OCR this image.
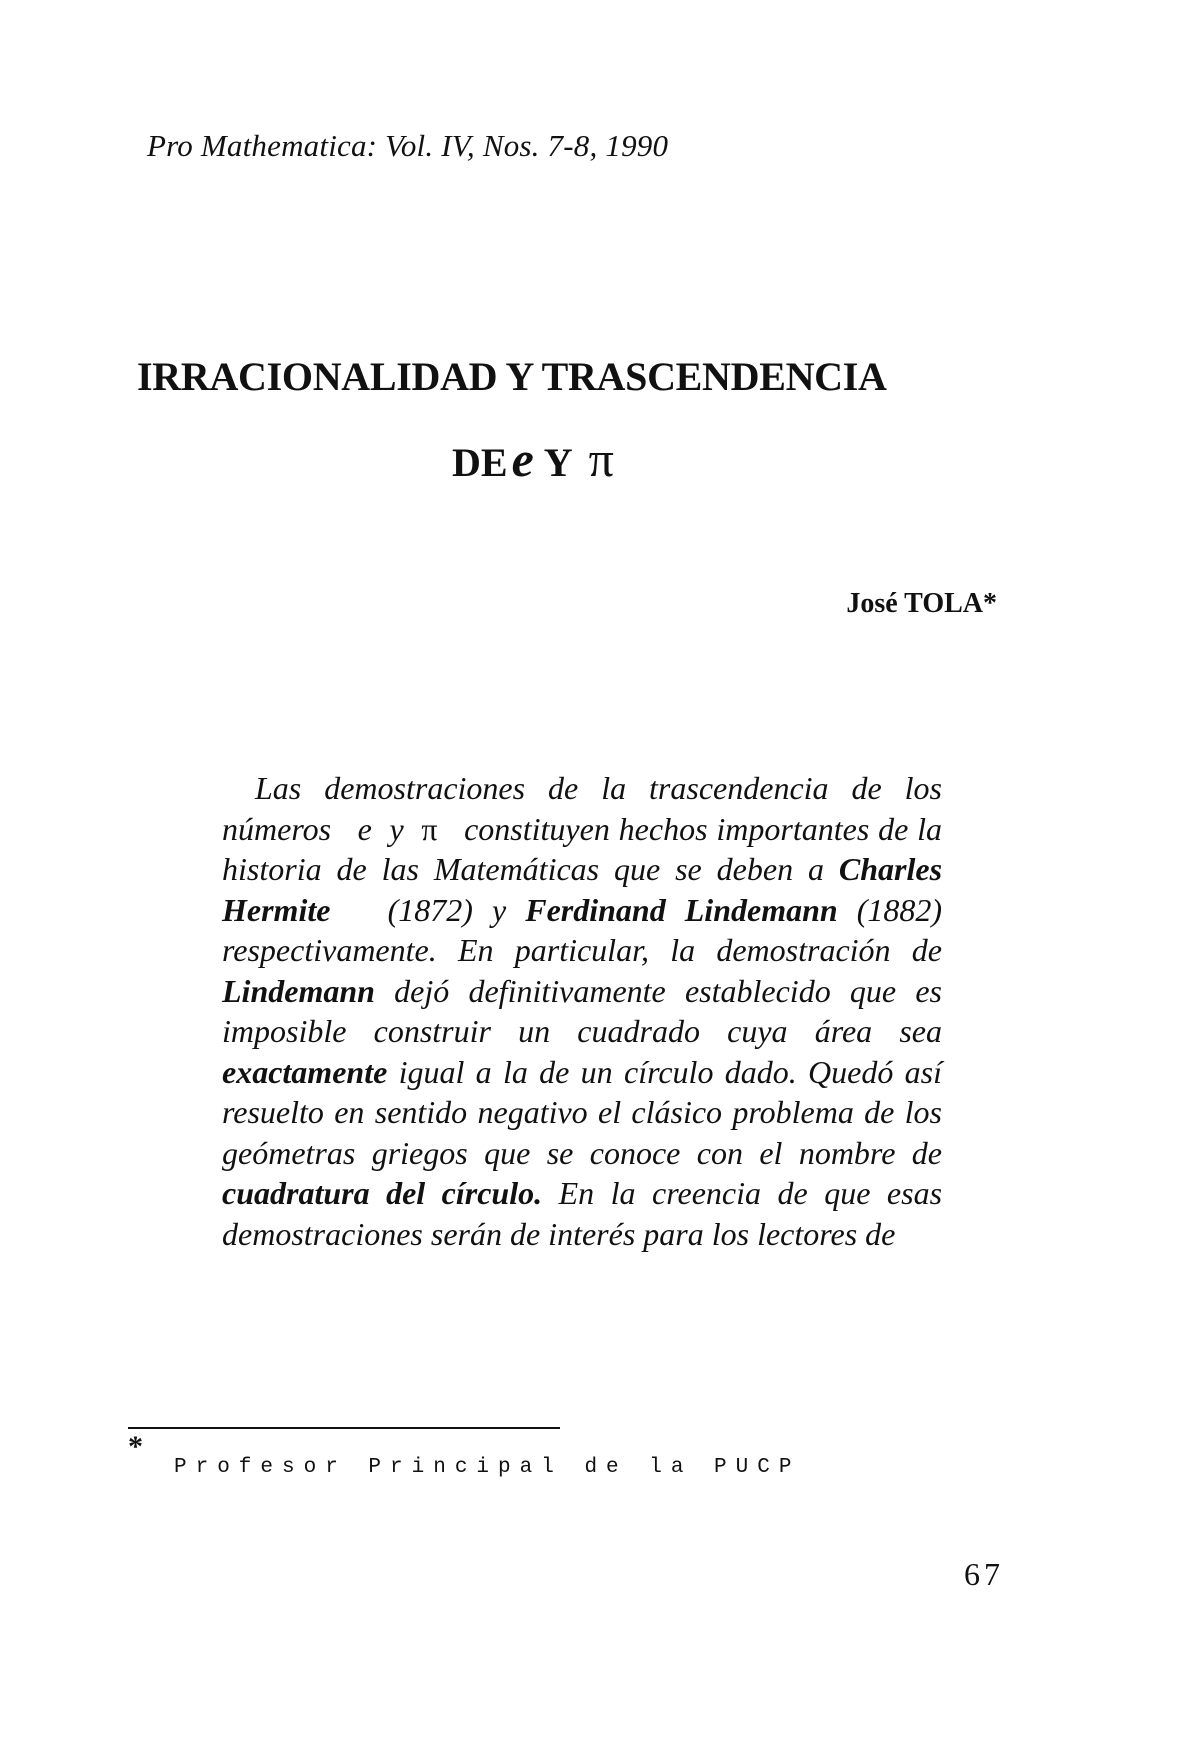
Pro Mathematica: Vol. IV, Nos. 7-8, 1990
IRRACIONALIDAD Y TRASCENDENCIA
DEe Y π
José TOLA*

Las demostraciones de la trascendencia de los números e y π constituyen hechos importantes de la historia de las Matemáticas que se deben a Charles Hermite (1872) y Ferdinand Lindemann (1882) respectivamente. En particular, la demostración de Lindemann dejó definitivamente establecido que es imposible construir un cuadrado cuya área sea exactamente igual a la de un círculo dado. Quedó así resuelto en sentido negativo el clásico problema de los geómetras griegos que se conoce con el nombre de cuadratura del círculo. En la creencia de que esas demostraciones serán de interés para los lectores de

*
Profesor Principal de la PUCP
67
